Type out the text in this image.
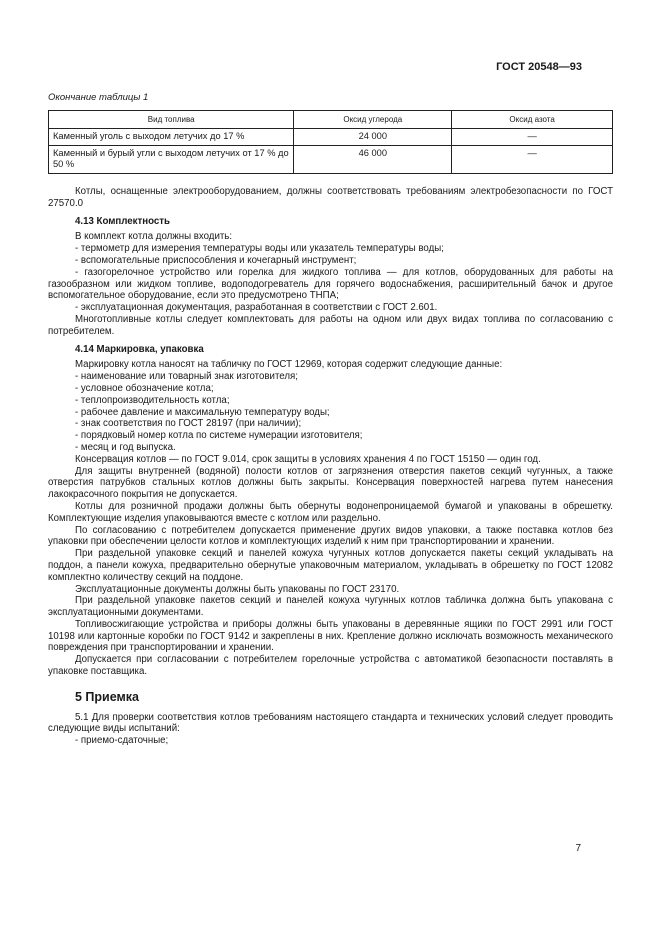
ГОСТ 20548—93
Окончание таблицы 1
Вид топлива	Оксид углерода	Оксид азота
Каменный уголь с выходом летучих до 17 %	24 000	—
Каменный и бурый угли с выходом летучих от 17 % до 50 %	46 000	—

Котлы, оснащенные электрооборудованием, должны соответствовать требованиям электробезопасности по ГОСТ 27570.0

4.13 Комплектность

В комплект котла должны входить:

- термометр для измерения температуры воды или указатель температуры воды;

- вспомогательные приспособления и кочегарный инструмент;

- газогорелочное устройство или горелка для жидкого топлива — для котлов, оборудованных для работы на газообразном или жидком топливе, водоподогреватель для горячего водоснабжения, расширительный бачок и другое вспомогательное оборудование, если это предусмотрено ТНПА;

- эксплуатационная документация, разработанная в соответствии с ГОСТ 2.601.

Многотопливные котлы следует комплектовать для работы на одном или двух видах топлива по согласованию с потребителем.

4.14 Маркировка, упаковка

Маркировку котла наносят на табличку по ГОСТ 12969, которая содержит следующие данные:

- наименование или товарный знак изготовителя;

- условное обозначение котла;

- теплопроизводительность котла;

- рабочее давление и максимальную температуру воды;

- знак соответствия по ГОСТ 28197 (при наличии);

- порядковый номер котла по системе нумерации изготовителя;

- месяц и год выпуска.

Консервация котлов — по ГОСТ 9.014, срок защиты в условиях хранения 4 по ГОСТ 15150 — один год.

Для защиты внутренней (водяной) полости котлов от загрязнения отверстия пакетов секций чугунных, а также отверстия патрубков стальных котлов должны быть закрыты. Консервация поверхностей нагрева путем нанесения лакокрасочного покрытия не допускается.

Котлы для розничной продажи должны быть обернуты водонепроницаемой бумагой и упакованы в обрешетку. Комплектующие изделия упаковываются вместе с котлом или раздельно.

По согласованию с потребителем допускается применение других видов упаковки, а также поставка котлов без упаковки при обеспечении целости котлов и комплектующих изделий к ним при транспортировании и хранении.

При раздельной упаковке секций и панелей кожуха чугунных котлов допускается пакеты секций укладывать на поддон, а панели кожуха, предварительно обернутые упаковочным материалом, укладывать в обрешетку по ГОСТ 12082 комплектно количеству секций на поддоне.

Эксплуатационные документы должны быть упакованы по ГОСТ 23170.

При раздельной упаковке пакетов секций и панелей кожуха чугунных котлов табличка должна быть упакована с эксплуатационными документами.

Топливосжигающие устройства и приборы должны быть упакованы в деревянные ящики по ГОСТ 2991 или ГОСТ 10198 или картонные коробки по ГОСТ 9142 и закреплены в них. Крепление должно исключать возможность механического повреждения при транспортировании и хранении.

Допускается при согласовании с потребителем горелочные устройства с автоматикой безопасности поставлять в упаковке поставщика.

5 Приемка

5.1 Для проверки соответствия котлов требованиям настоящего стандарта и технических условий следует проводить следующие виды испытаний:

- приемо-сдаточные;

7
